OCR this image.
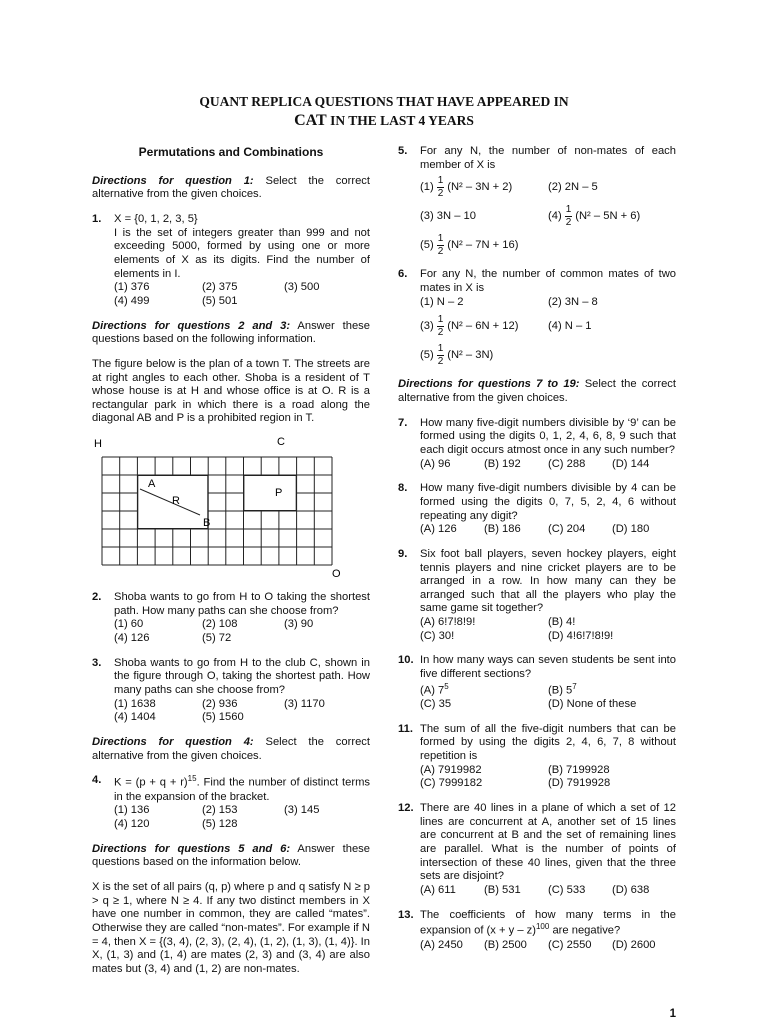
QUANT REPLICA QUESTIONS THAT HAVE APPEARED IN
CAT IN THE LAST 4 YEARS
Permutations and Combinations
Directions for question 1: Select the correct alternative from the given choices.
1. X = {0, 1, 2, 3, 5}
I is the set of integers greater than 999 and not exceeding 5000, formed by using one or more elements of X as its digits. Find the number of elements in I.
(1) 376	(2) 375	(3) 500
(4) 499	(5) 501
Directions for questions 2 and 3: Answer these questions based on the following information.
The figure below is the plan of a town T. The streets are at right angles to each other. Shoba is a resident of T whose house is at H and whose office is at O. R is a rectangular park in which there is a road along the diagonal AB and P is a prohibited region in T.
H	C
A
R
P
B
O
2. Shoba wants to go from H to O taking the shortest path. How many paths can she choose from?
(1) 60	(2) 108	(3) 90
(4) 126	(5) 72
3. Shoba wants to go from H to the club C, shown in the figure through O, taking the shortest path. How many paths can she choose from?
(1) 1638	(2) 936	(3) 1170
(4) 1404	(5) 1560
Directions for question 4: Select the correct alternative from the given choices.
4. $K = (p + q + r)^{15}$. Find the number of distinct terms in the expansion of the bracket.
(1) 136	(2) 153	(3) 145
(4) 120	(5) 128
Directions for questions 5 and 6: Answer these questions based on the information below.
X is the set of all pairs (q, p) where p and q satisfy N ≥ p > q ≥ 1, where N ≥ 4. If any two distinct members in X have one number in common, they are called “mates”. Otherwise they are called “non-mates”. For example if N = 4, then X = {(3, 4), (2, 3), (2, 4), (1, 2), (1, 3), (1, 4)}. In X, (1, 3) and (1, 4) are mates (2, 3) and (3, 4) are also mates but (3, 4) and (1, 2) are non-mates.
5. For any N, the number of non-mates of each member of X is
$(1) \frac{1}{2} (N^2 - 3N + 2)$	(2) 2N – 5
(3) 3N – 10	$(4) \frac{1}{2} (N^2 - 5N + 6)$
$(5) \frac{1}{2} (N^2 - 7N + 16)$
6. For any N, the number of common mates of two mates in X is
(1) N – 2	(2) 3N – 8
$(3) \frac{1}{2} (N^2 - 6N + 12)$	(4) N – 1
$(5) \frac{1}{2} (N^2 - 3N)$
Directions for questions 7 to 19: Select the correct alternative from the given choices.
7. How many five-digit numbers divisible by ‘9’ can be formed using the digits 0, 1, 2, 4, 6, 8, 9 such that each digit occurs atmost once in any such number?
(A) 96	(B) 192	(C) 288	(D) 144
8. How many five-digit numbers divisible by 4 can be formed using the digits 0, 7, 5, 2, 4, 6 without repeating any digit?
(A) 126	(B) 186	(C) 204	(D) 180
9. Six foot ball players, seven hockey players, eight tennis players and nine cricket players are to be arranged in a row. In how many can they be arranged such that all the players who play the same game sit together?
(A) 6!7!8!9!	(B) 4!
(C) 30!	(D) 4!6!7!8!9!
10. In how many ways can seven students be sent into five different sections?
(A) $7^5$	(B) $5^7$
(C) 35	(D) None of these
11. The sum of all the five-digit numbers that can be formed by using the digits 2, 4, 6, 7, 8 without repetition is
(A) 7919982	(B) 7199928
(C) 7999182	(D) 7919928
12. There are 40 lines in a plane of which a set of 12 lines are concurrent at A, another set of 15 lines are concurrent at B and the set of remaining lines are parallel. What is the number of points of intersection of these 40 lines, given that the three sets are disjoint?
(A) 611	(B) 531	(C) 533	(D) 638
13. The coefficients of how many terms in the expansion of $(x + y - z)^{100}$ are negative?
(A) 2450	(B) 2500	(C) 2550	(D) 2600
1
